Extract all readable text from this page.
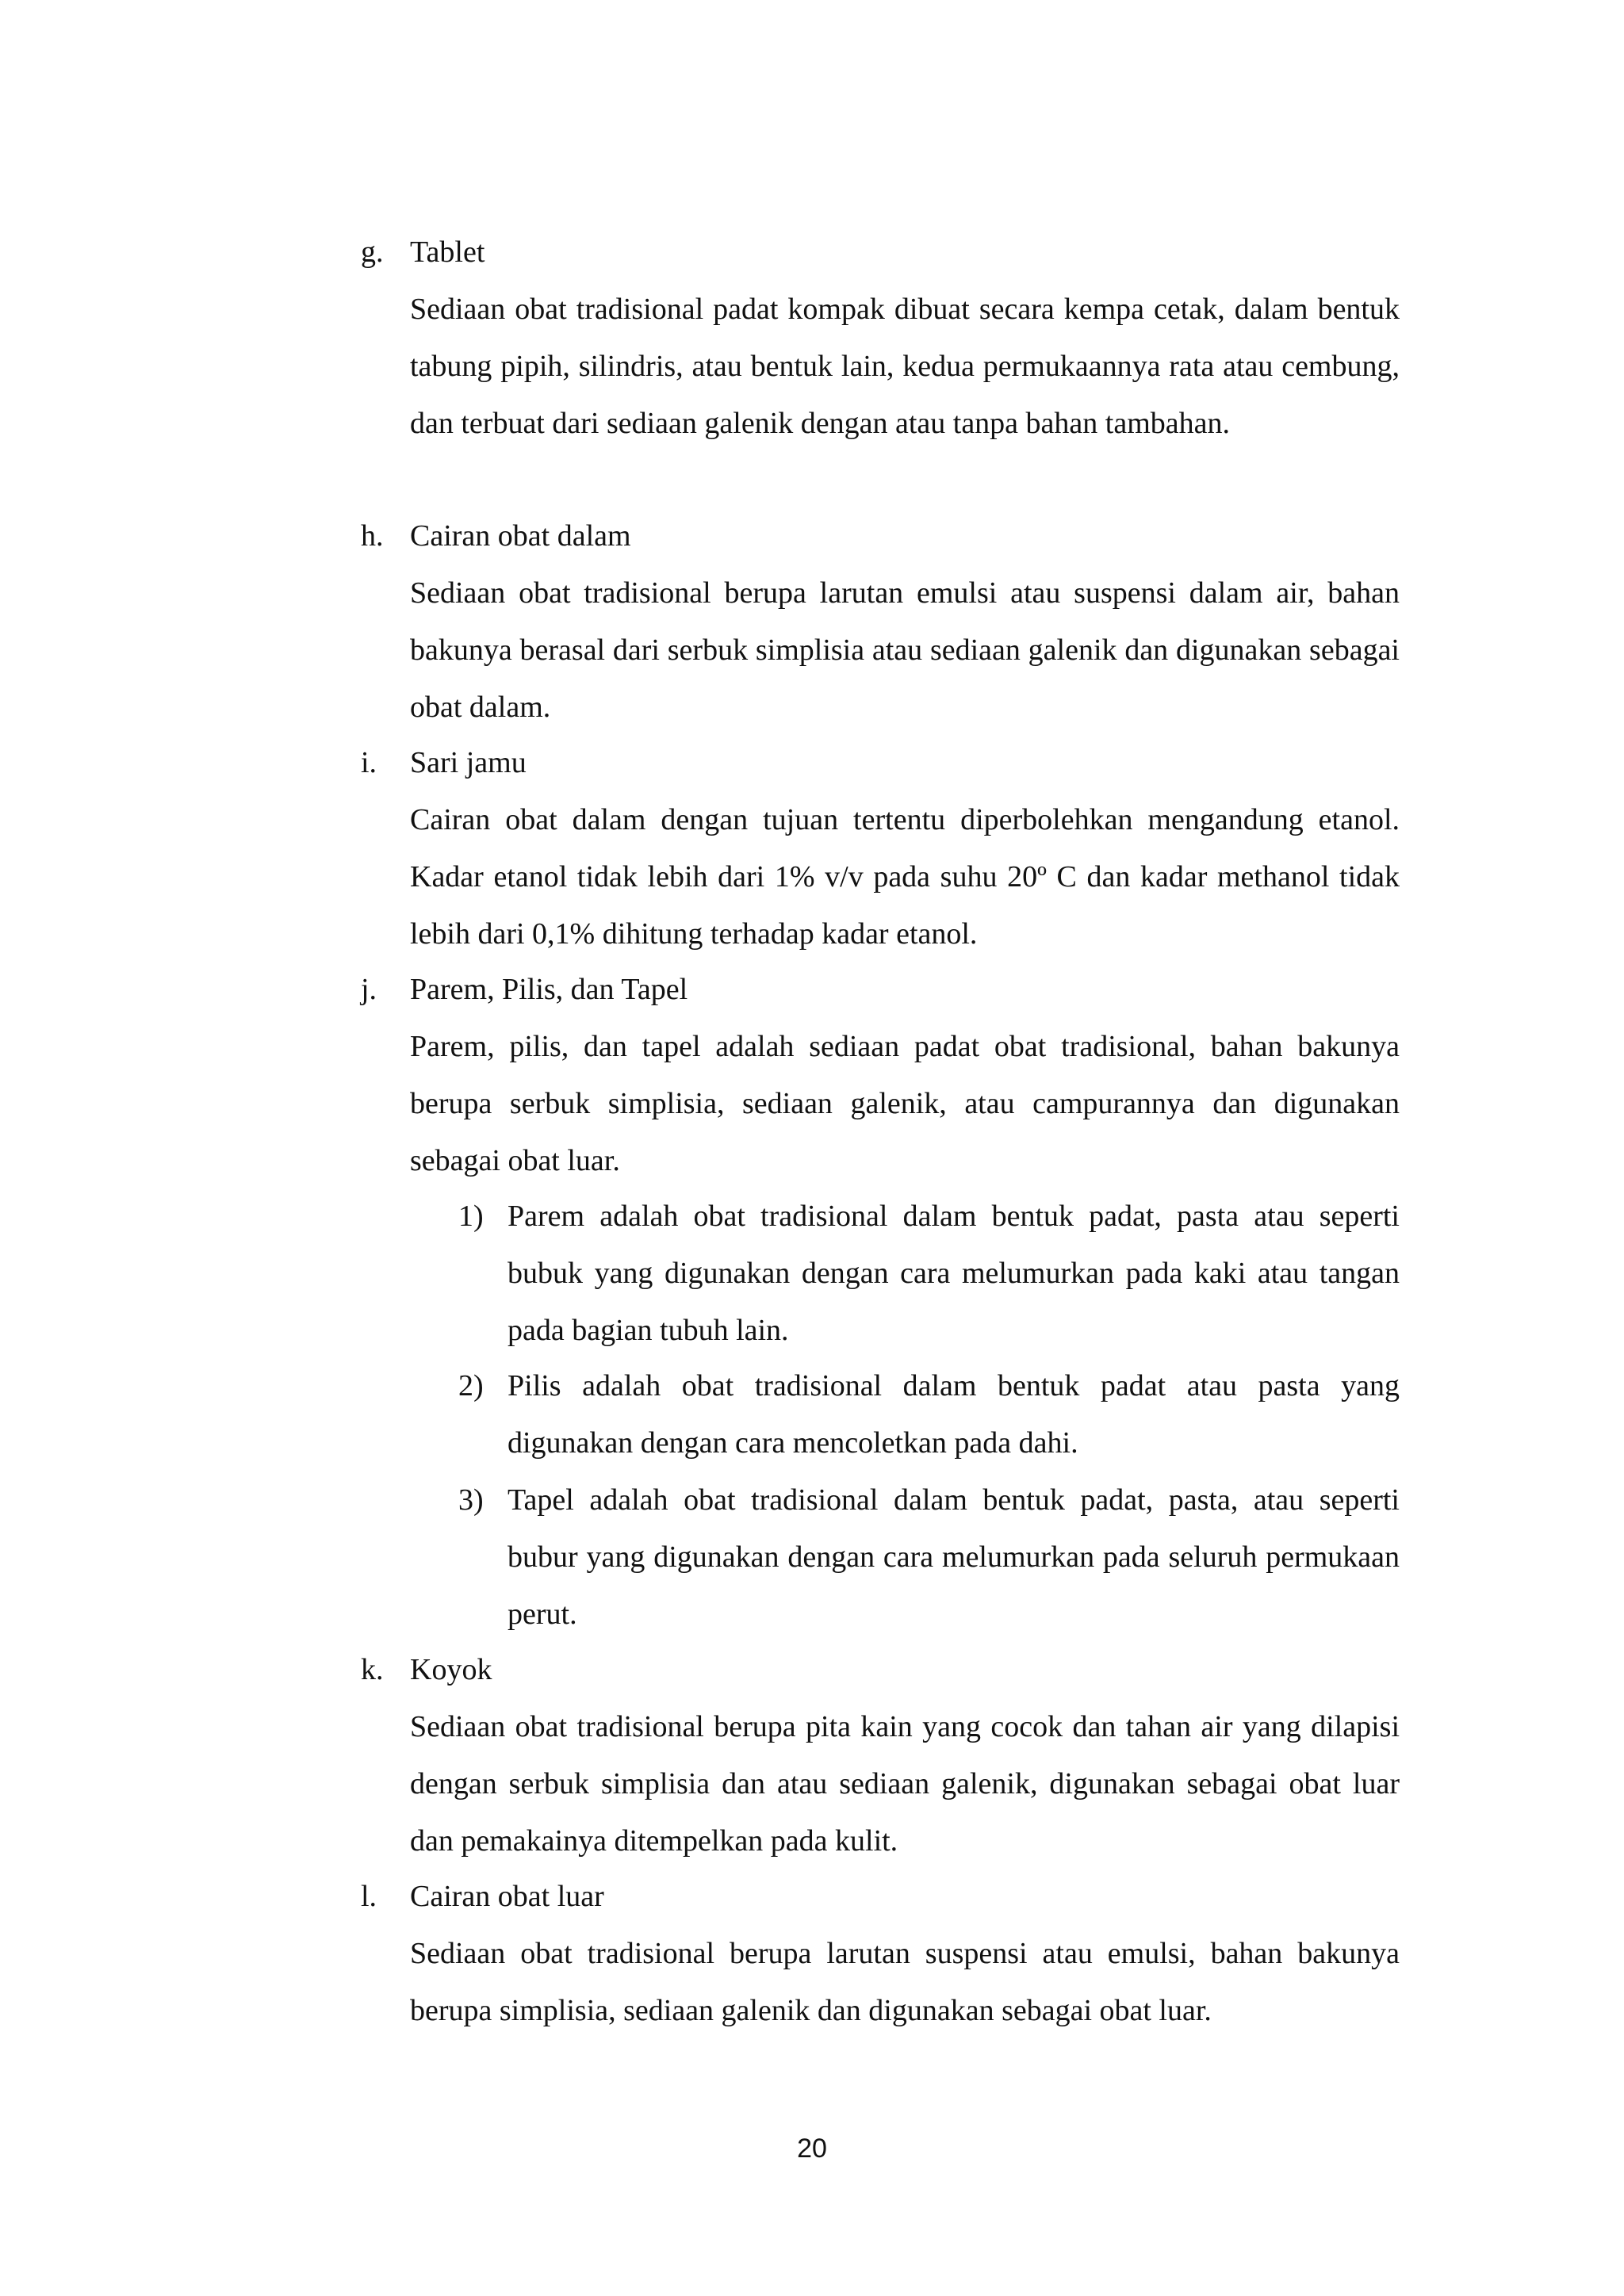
g. Tablet

Sediaan obat tradisional padat kompak dibuat secara kempa cetak, dalam bentuk tabung pipih, silindris, atau bentuk lain, kedua permukaannya rata atau cembung, dan terbuat dari sediaan galenik dengan atau tanpa bahan tambahan.

h. Cairan obat dalam

Sediaan obat tradisional berupa larutan emulsi atau suspensi dalam air, bahan bakunya berasal dari serbuk simplisia atau sediaan galenik dan digunakan sebagai obat dalam.

i. Sari jamu

Cairan obat dalam dengan tujuan tertentu diperbolehkan mengandung etanol. Kadar etanol tidak lebih dari 1% v/v pada suhu 20º C dan kadar methanol tidak lebih dari 0,1% dihitung terhadap kadar etanol.

j. Parem, Pilis, dan Tapel

Parem, pilis, dan tapel adalah sediaan padat obat tradisional, bahan bakunya berupa serbuk simplisia, sediaan galenik, atau campurannya dan digunakan sebagai obat luar.

1) Parem adalah obat tradisional dalam bentuk padat, pasta atau seperti bubuk yang digunakan dengan cara melumurkan pada kaki atau tangan pada bagian tubuh lain.

2) Pilis adalah obat tradisional dalam bentuk padat atau pasta yang digunakan dengan cara mencoletkan pada dahi.

3) Tapel adalah obat tradisional dalam bentuk padat, pasta, atau seperti bubur yang digunakan dengan cara melumurkan pada seluruh permukaan perut.

k. Koyok

Sediaan obat tradisional berupa pita kain yang cocok dan tahan air yang dilapisi dengan serbuk simplisia dan atau sediaan galenik, digunakan sebagai obat luar dan pemakainya ditempelkan pada kulit.

l. Cairan obat luar

Sediaan obat tradisional berupa larutan suspensi atau emulsi, bahan bakunya berupa simplisia, sediaan galenik dan digunakan sebagai obat luar.

20
